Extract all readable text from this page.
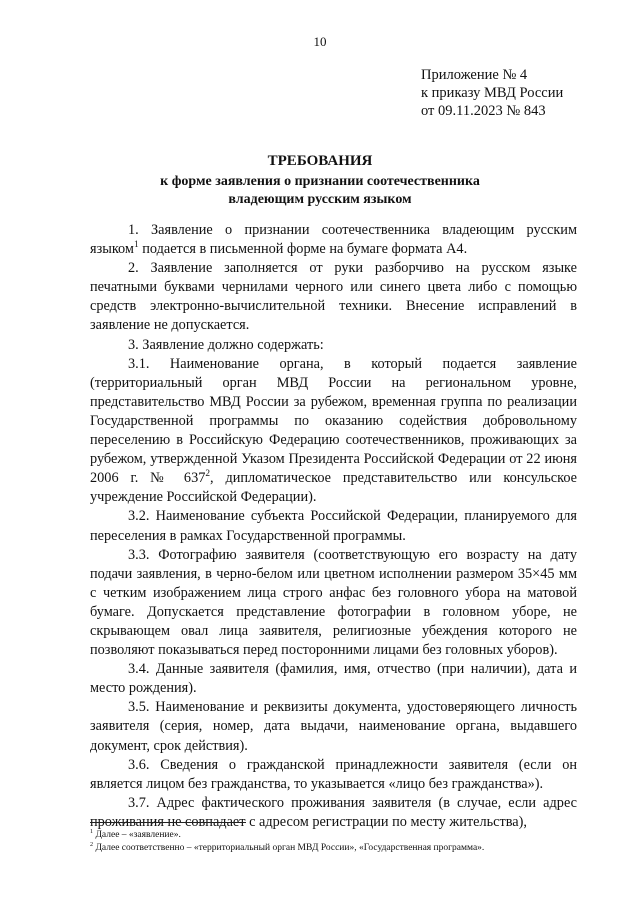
10
Приложение № 4
к приказу МВД России
от 09.11.2023 № 843
ТРЕБОВАНИЯ
к форме заявления о признании соотечественника
владеющим русским языком

1. Заявление о признании соотечественника владеющим русским языком$^1$ подается в письменной форме на бумаге формата А4.

2. Заявление заполняется от руки разборчиво на русском языке печатными буквами чернилами черного или синего цвета либо с помощью средств электронно-вычислительной техники. Внесение исправлений в заявление не допускается.

3. Заявление должно содержать:

3.1. Наименование органа, в который подается заявление (территориальный орган МВД России на региональном уровне, представительство МВД России за рубежом, временная группа по реализации Государственной программы по оказанию содействия добровольному переселению в Российскую Федерацию соотечественников, проживающих за рубежом, утвержденной Указом Президента Российской Федерации от 22 июня 2006 г. № $637^2$, дипломатическое представительство или консульское учреждение Российской Федерации).

3.2. Наименование субъекта Российской Федерации, планируемого для переселения в рамках Государственной программы.

3.3. Фотографию заявителя (соответствующую его возрасту на дату подачи заявления, в черно-белом или цветном исполнении размером 35×45 мм с четким изображением лица строго анфас без головного убора на матовой бумаге. Допускается представление фотографии в головном уборе, не скрывающем овал лица заявителя, религиозные убеждения которого не позволяют показываться перед посторонними лицами без головных уборов).

3.4. Данные заявителя (фамилия, имя, отчество (при наличии), дата и место рождения).

3.5. Наименование и реквизиты документа, удостоверяющего личность заявителя (серия, номер, дата выдачи, наименование органа, выдавшего документ, срок действия).

3.6. Сведения о гражданской принадлежности заявителя (если он является лицом без гражданства, то указывается «лицо без гражданства»).

3.7. Адрес фактического проживания заявителя (в случае, если адрес проживания не совпадает с адресом регистрации по месту жительства),

$^1$ Далее – «заявление».
$^2$ Далее соответственно – «территориальный орган МВД России», «Государственная программа».
